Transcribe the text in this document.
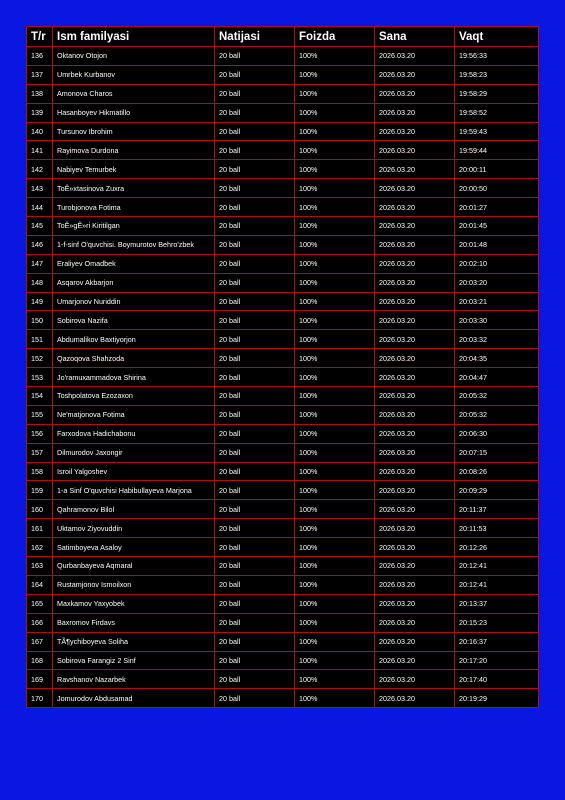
T/r	Ism familyasi	Natijasi	Foizda	Sana	Vaqt
136	Oktanov Otojon	20 ball	100%	2026.03.20	19:56:33
137	Umrbek Kurbanov	20 ball	100%	2026.03.20	19:58:23
138	Amonova Charos	20 ball	100%	2026.03.20	19:58:29
139	Hasanboyev Hikmatillo	20 ball	100%	2026.03.20	19:58:52
140	Tursunov Ibrohim	20 ball	100%	2026.03.20	19:59:43
141	Rayimova Durdona	20 ball	100%	2026.03.20	19:59:44
142	Nabiyev Temurbek	20 ball	100%	2026.03.20	20:00:11
143	ToÊ»xtasinova Zuxra	20 ball	100%	2026.03.20	20:00:50
144	Turobjonova Fotima	20 ball	100%	2026.03.20	20:01:27
145	ToÊ»gÊ»ri Kiritilgan	20 ball	100%	2026.03.20	20:01:45
146	1-f-sinf O'quvchisi. Boymurotov Behro'zbek	20 ball	100%	2026.03.20	20:01:48
147	Eraliyev Omadbek	20 ball	100%	2026.03.20	20:02:10
148	Asqarov Akbarjon	20 ball	100%	2026.03.20	20:03:20
149	Umarjonov Nuriddin	20 ball	100%	2026.03.20	20:03:21
150	Sobirova Nazifa	20 ball	100%	2026.03.20	20:03:30
151	Abdumalikov Baxtiyorjon	20 ball	100%	2026.03.20	20:03:32
152	Qazoqova Shahzoda	20 ball	100%	2026.03.20	20:04:35
153	Jo'ramuxammadova Shirina	20 ball	100%	2026.03.20	20:04:47
154	Toshpolatova Ezozaxon	20 ball	100%	2026.03.20	20:05:32
155	Ne'matjonova Fotima	20 ball	100%	2026.03.20	20:05:32
156	Farxodova Hadichabonu	20 ball	100%	2026.03.20	20:06:30
157	Dilmurodov Jaxongir	20 ball	100%	2026.03.20	20:07:15
158	Isroil Yalgoshev	20 ball	100%	2026.03.20	20:08:26
159	1-a Sinf O'quvchisi Habibullayeva Marjona	20 ball	100%	2026.03.20	20:09:29
160	Qahramonov Bilol	20 ball	100%	2026.03.20	20:11:37
161	Uktamov Ziyovuddin	20 ball	100%	2026.03.20	20:11:53
162	Satimboyeva Asaloy	20 ball	100%	2026.03.20	20:12:26
163	Qurbanbayeva Aqmaral	20 ball	100%	2026.03.20	20:12:41
164	Rustamjonov Ismoilxon	20 ball	100%	2026.03.20	20:12:41
165	Maxkamov Yaxyobek	20 ball	100%	2026.03.20	20:13:37
166	Baxromov Firdavs	20 ball	100%	2026.03.20	20:15:23
167	TÃ¶ychiboyeva Soliha	20 ball	100%	2026.03.20	20:16:37
168	Sobirova Farangiz 2 Sinf	20 ball	100%	2026.03.20	20:17:20
169	Ravshanov Nazarbek	20 ball	100%	2026.03.20	20:17:40
170	Jomurodov Abdusamad	20 ball	100%	2026.03.20	20:19:29
